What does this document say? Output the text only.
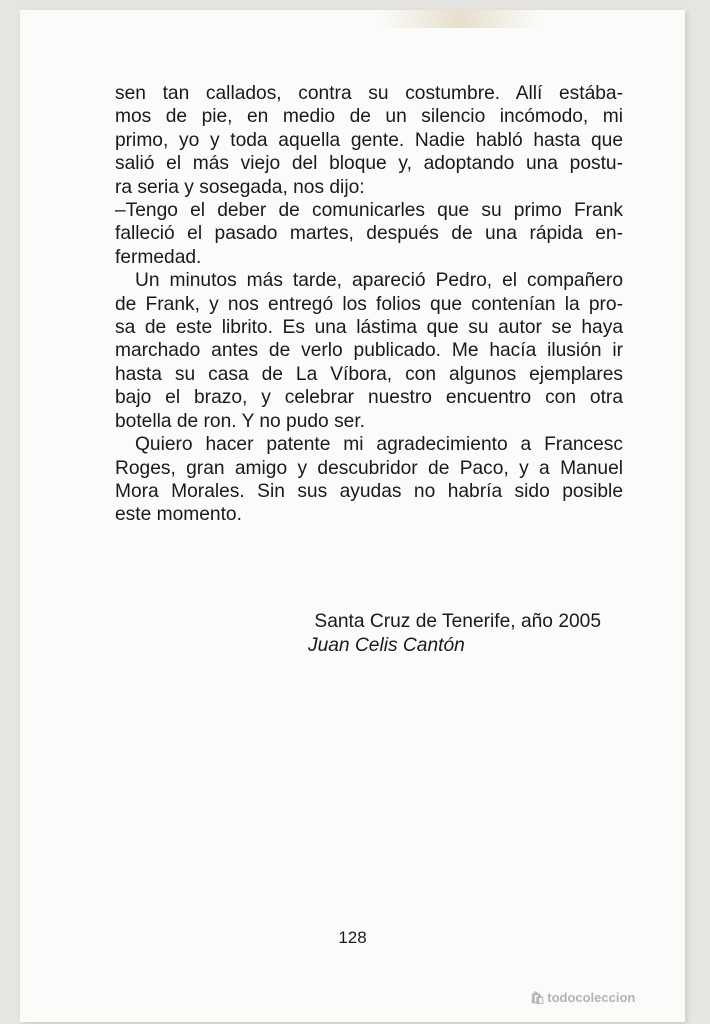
sen tan callados, contra su costumbre. Allí estába-
mos de pie, en medio de un silencio incómodo, mi
primo, yo y toda aquella gente. Nadie habló hasta que
salió el más viejo del bloque y, adoptando una postu-
ra seria y sosegada, nos dijo:
–Tengo el deber de comunicarles que su primo Frank
falleció el pasado martes, después de una rápida en-
fermedad.
Un minutos más tarde, apareció Pedro, el compañero
de Frank, y nos entregó los folios que contenían la pro-
sa de este librito. Es una lástima que su autor se haya
marchado antes de verlo publicado. Me hacía ilusión ir
hasta su casa de La Víbora, con algunos ejemplares
bajo el brazo, y celebrar nuestro encuentro con otra
botella de ron. Y no pudo ser.
Quiero hacer patente mi agradecimiento a Francesc
Roges, gran amigo y descubridor de Paco, y a Manuel
Mora Morales. Sin sus ayudas no habría sido posible
este momento.
Santa Cruz de Tenerife, año 2005
Juan Celis Cantón
128
🛍 todocoleccion
